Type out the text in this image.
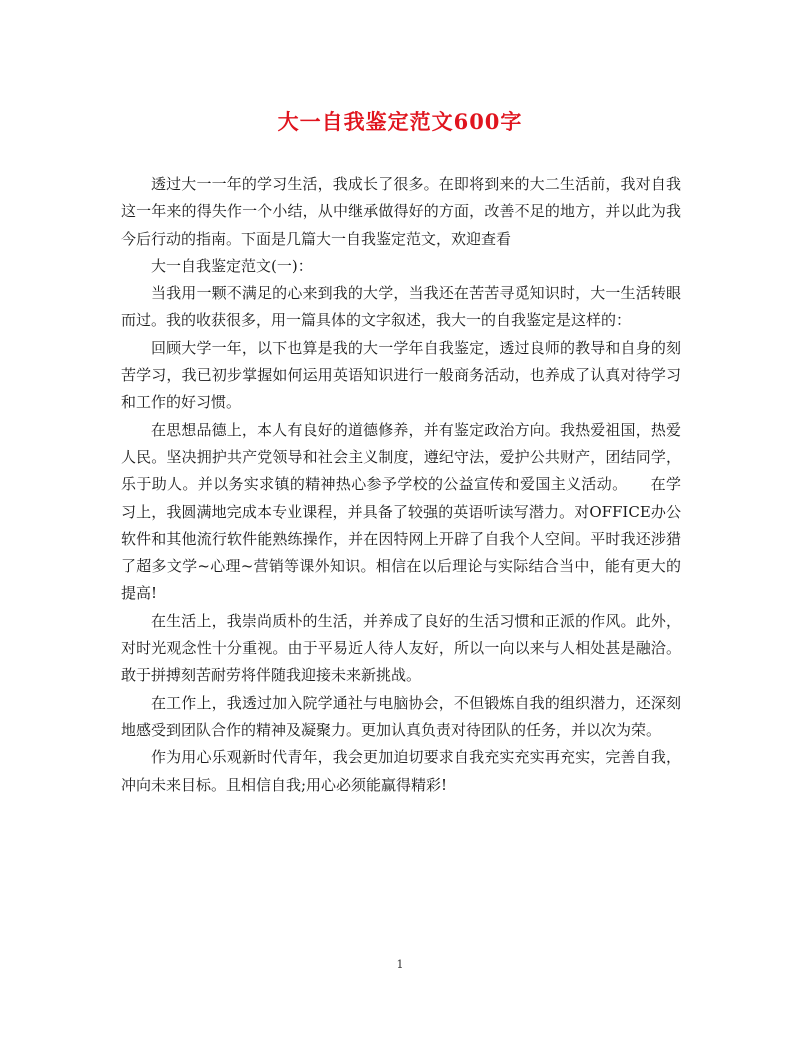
大一自我鉴定范文600字

透过大一一年的学习生活，我成长了很多。在即将到来的大二生活前，我对自我这一年来的得失作一个小结，从中继承做得好的方面，改善不足的地方，并以此为我今后行动的指南。下面是几篇大一自我鉴定范文，欢迎查看

大一自我鉴定范文(一)：

当我用一颗不满足的心来到我的大学，当我还在苦苦寻觅知识时，大一生活转眼而过。我的收获很多，用一篇具体的文字叙述，我大一的自我鉴定是这样的：

回顾大学一年，以下也算是我的大一学年自我鉴定，透过良师的教导和自身的刻苦学习，我已初步掌握如何运用英语知识进行一般商务活动，也养成了认真对待学习和工作的好习惯。

在思想品德上，本人有良好的道德修养，并有鉴定政治方向。我热爱祖国，热爱人民。坚决拥护共产党领导和社会主义制度，遵纪守法，爱护公共财产，团结同学，乐于助人。并以务实求镇的精神热心参予学校的公益宣传和爱国主义活动。　　在学习上，我圆满地完成本专业课程，并具备了较强的英语听读写潜力。对OFFICE办公软件和其他流行软件能熟练操作，并在因特网上开辟了自我个人空间。平时我还涉猎了超多文学~心理~营销等课外知识。相信在以后理论与实际结合当中，能有更大的提高!

在生活上，我崇尚质朴的生活，并养成了良好的生活习惯和正派的作风。此外，对时光观念性十分重视。由于平易近人待人友好，所以一向以来与人相处甚是融洽。敢于拼搏刻苦耐劳将伴随我迎接未来新挑战。

在工作上，我透过加入院学通社与电脑协会，不但锻炼自我的组织潜力，还深刻地感受到团队合作的精神及凝聚力。更加认真负责对待团队的任务，并以次为荣。

作为用心乐观新时代青年，我会更加迫切要求自我充实充实再充实，完善自我，冲向未来目标。且相信自我;用心必须能赢得精彩!

1
